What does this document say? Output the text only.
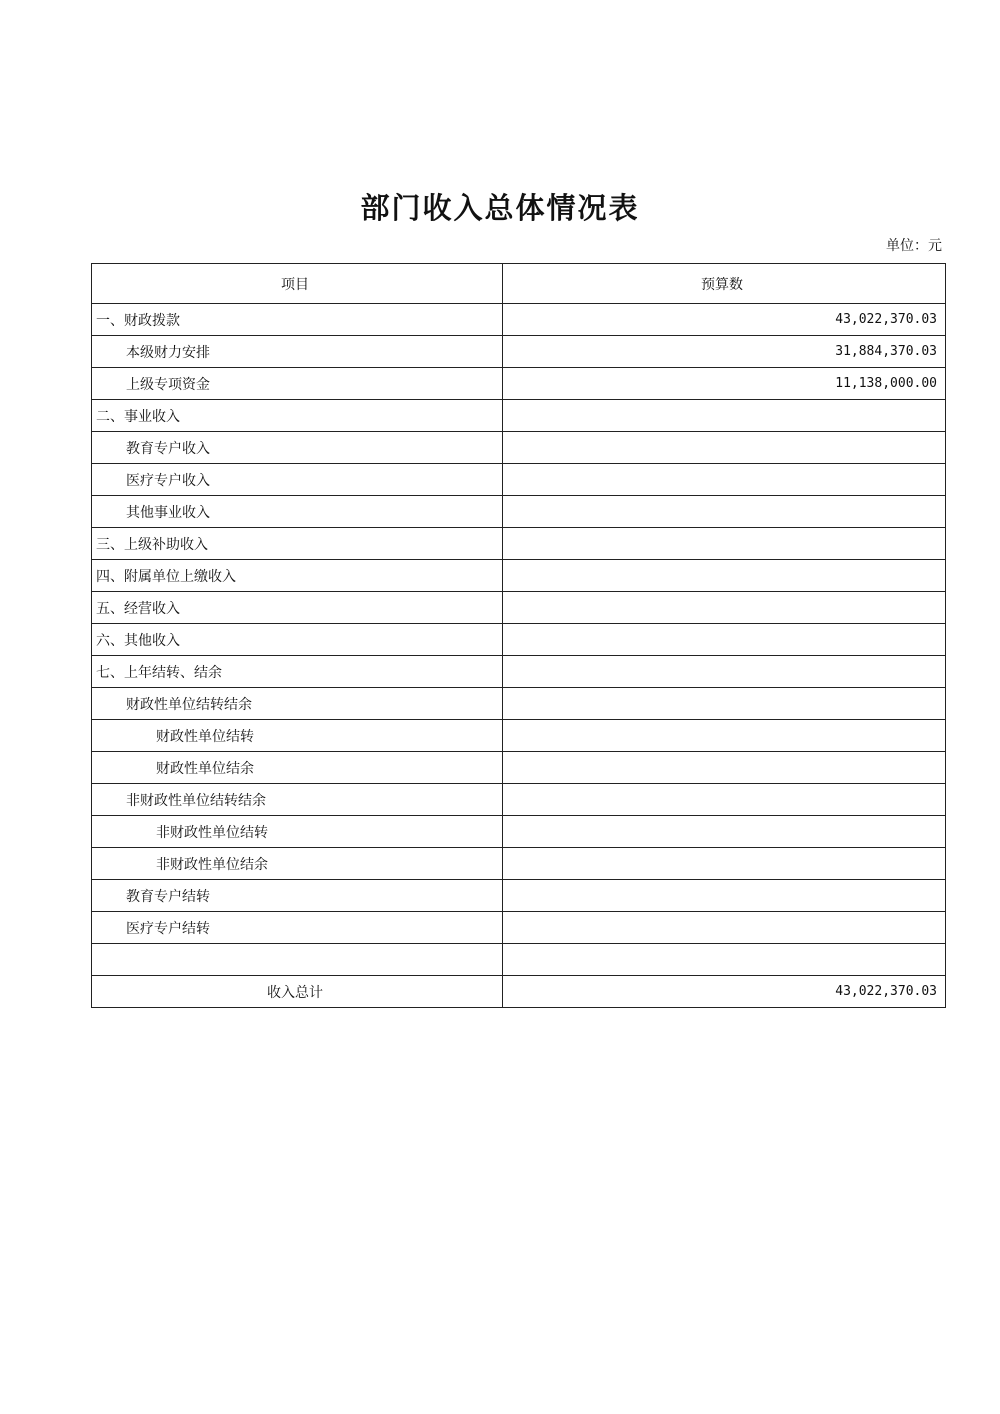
部门收入总体情况表
单位：元
项目	预算数
一、财政拨款	43,022,370.03
本级财力安排	31,884,370.03
上级专项资金	11,138,000.00
二、事业收入	
教育专户收入	
医疗专户收入	
其他事业收入	
三、上级补助收入	
四、附属单位上缴收入	
五、经营收入	
六、其他收入	
七、上年结转、结余	
财政性单位结转结余	
财政性单位结转	
财政性单位结余	
非财政性单位结转结余	
非财政性单位结转	
非财政性单位结余	
教育专户结转	
医疗专户结转	

收入总计	43,022,370.03
